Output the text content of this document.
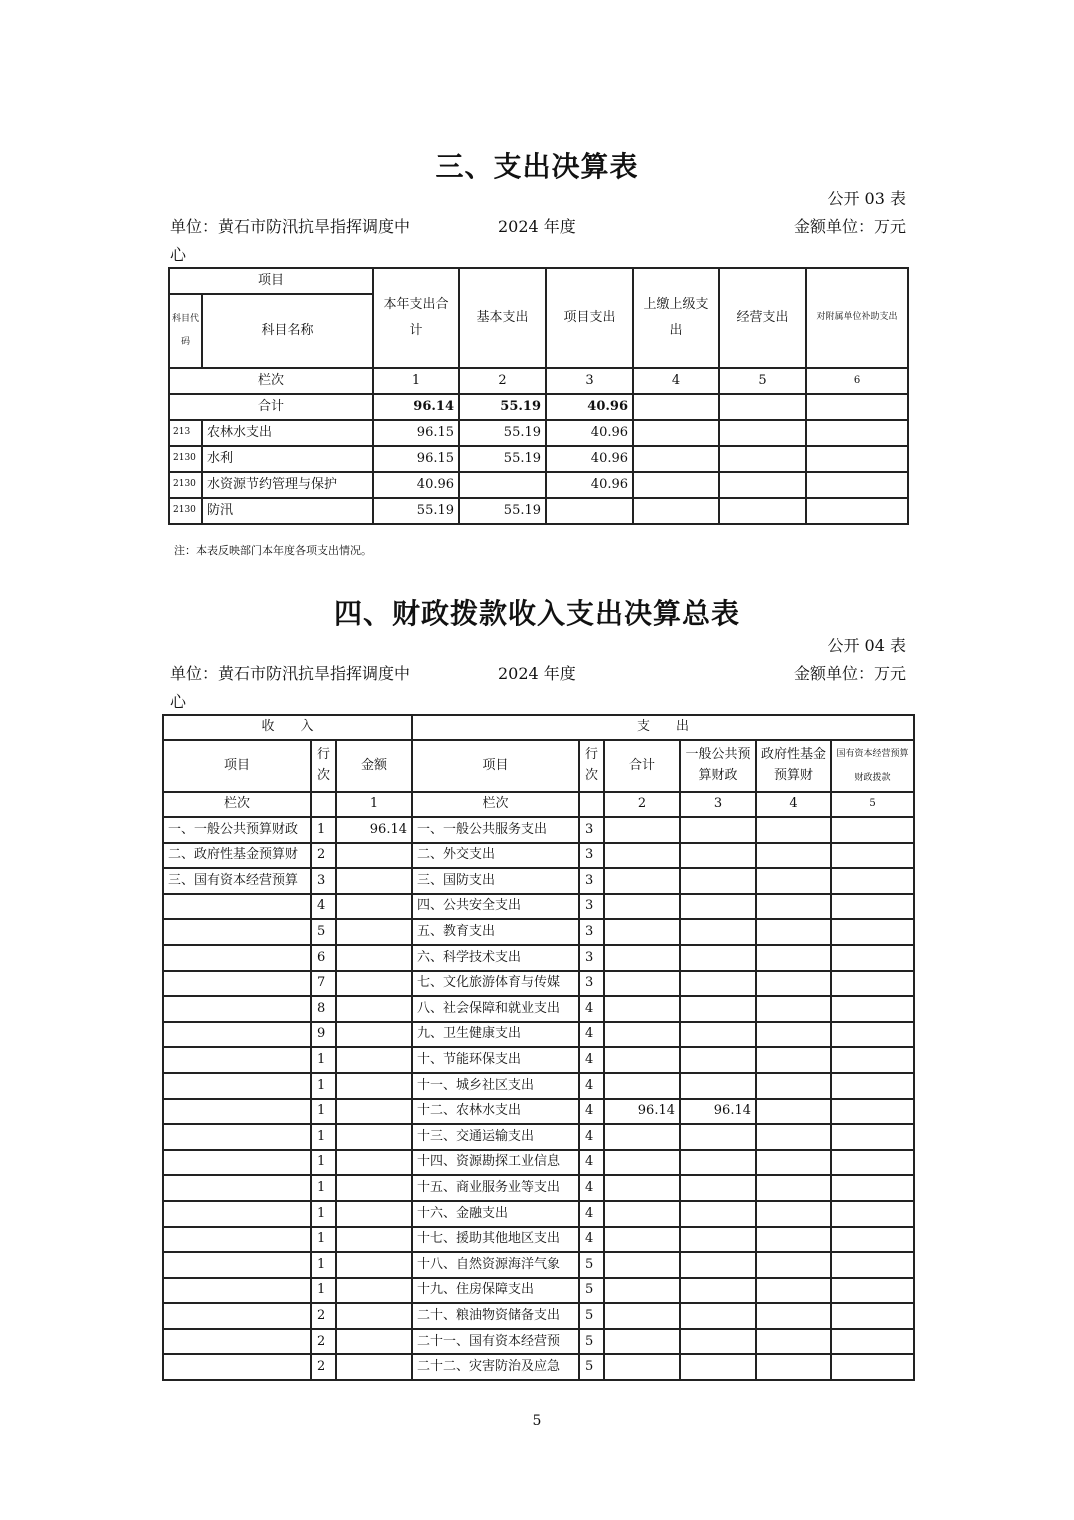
三、支出决算表
公开 03 表
单位：黄石市防汛抗旱指挥调度中
心
2024 年度	金额单位：万元
项目		本年支出合计	基本支出	项目支出	上缴上级支出	经营支出	对附属单位补助支出
科目代码	科目名称						
栏次		1	2	3	4	5	6
合计		96.14	55.19	40.96			
213	农林水支出	96.15	55.19	40.96			
2130	水利	96.15	55.19	40.96			
2130	水资源节约管理与保护	40.96		40.96			
2130	防汛	55.19	55.19				
注：本表反映部门本年度各项支出情况。
四、财政拨款收入支出决算总表
公开 04 表
单位：黄石市防汛抗旱指挥调度中
心
2024 年度	金额单位：万元
收　　入			支　　出					
项目	行次	金额	项目	行次	合计	一般公共预算财政	政府性基金预算财	国有资本经营预算财政拨款
栏次		1	栏次		2	3	4	5
一、一般公共预算财政	1	96.14	一、一般公共服务支出	3				
二、政府性基金预算财	2		二、外交支出	3				
三、国有资本经营预算	3		三、国防支出	3				
	4		四、公共安全支出	3				
	5		五、教育支出	3				
	6		六、科学技术支出	3				
	7		七、文化旅游体育与传媒	3				
	8		八、社会保障和就业支出	4				
	9		九、卫生健康支出	4				
	1		十、节能环保支出	4				
	1		十一、城乡社区支出	4				
	1		十二、农林水支出	4	96.14	96.14		
	1		十三、交通运输支出	4				
	1		十四、资源勘探工业信息	4				
	1		十五、商业服务业等支出	4				
	1		十六、金融支出	4				
	1		十七、援助其他地区支出	4				
	1		十八、自然资源海洋气象	5				
	1		十九、住房保障支出	5				
	2		二十、粮油物资储备支出	5				
	2		二十一、国有资本经营预	5				
	2		二十二、灾害防治及应急	5				
5
